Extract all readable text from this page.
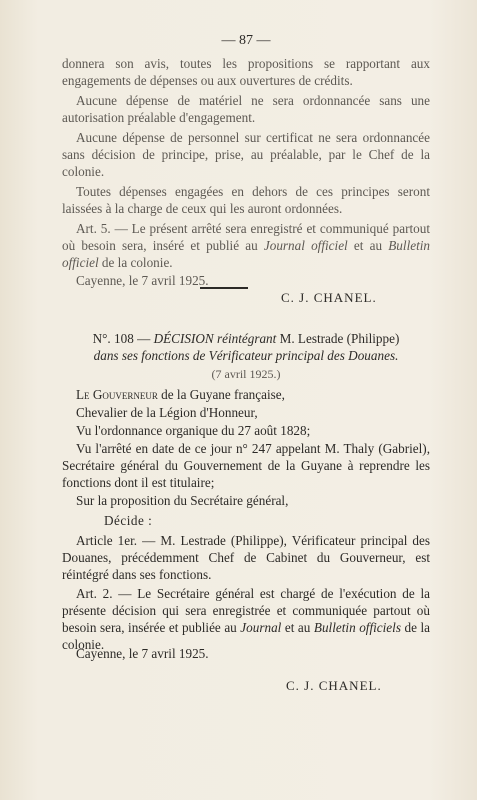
— 87 —

donnera son avis, toutes les propositions se rapportant aux engagements de dépenses ou aux ouvertures de crédits.

Aucune dépense de matériel ne sera ordonnancée sans une autorisation préalable d'engagement.

Aucune dépense de personnel sur certificat ne sera ordonnancée sans décision de principe, prise, au préalable, par le Chef de la colonie.

Toutes dépenses engagées en dehors de ces principes seront laissées à la charge de ceux qui les auront ordonnées.

Art. 5. — Le présent arrêté sera enregistré et communiqué partout où besoin sera, inséré et publié au Journal officiel et au Bulletin officiel de la colonie.

Cayenne, le 7 avril 1925.

C. J. CHANEL.

N°. 108 — DÉCISION réintégrant M. Lestrade (Philippe)
dans ses fonctions de Vérificateur principal des Douanes.

(7 avril 1925.)

Le Gouverneur de la Guyane française,

Chevalier de la Légion d'Honneur,

Vu l'ordonnance organique du 27 août 1828;

Vu l'arrêté en date de ce jour n° 247 appelant M. Thaly (Gabriel), Secrétaire général du Gouvernement de la Guyane à reprendre les fonctions dont il est titulaire;

Sur la proposition du Secrétaire général,

Décide :

Article 1er. — M. Lestrade (Philippe), Vérificateur principal des Douanes, précédemment Chef de Cabinet du Gouverneur, est réintégré dans ses fonctions.

Art. 2. — Le Secrétaire général est chargé de l'exécution de la présente décision qui sera enregistrée et communiquée partout où besoin sera, insérée et publiée au Journal et au Bulletin officiels de la colonie.

Cayenne, le 7 avril 1925.

C. J. CHANEL.
